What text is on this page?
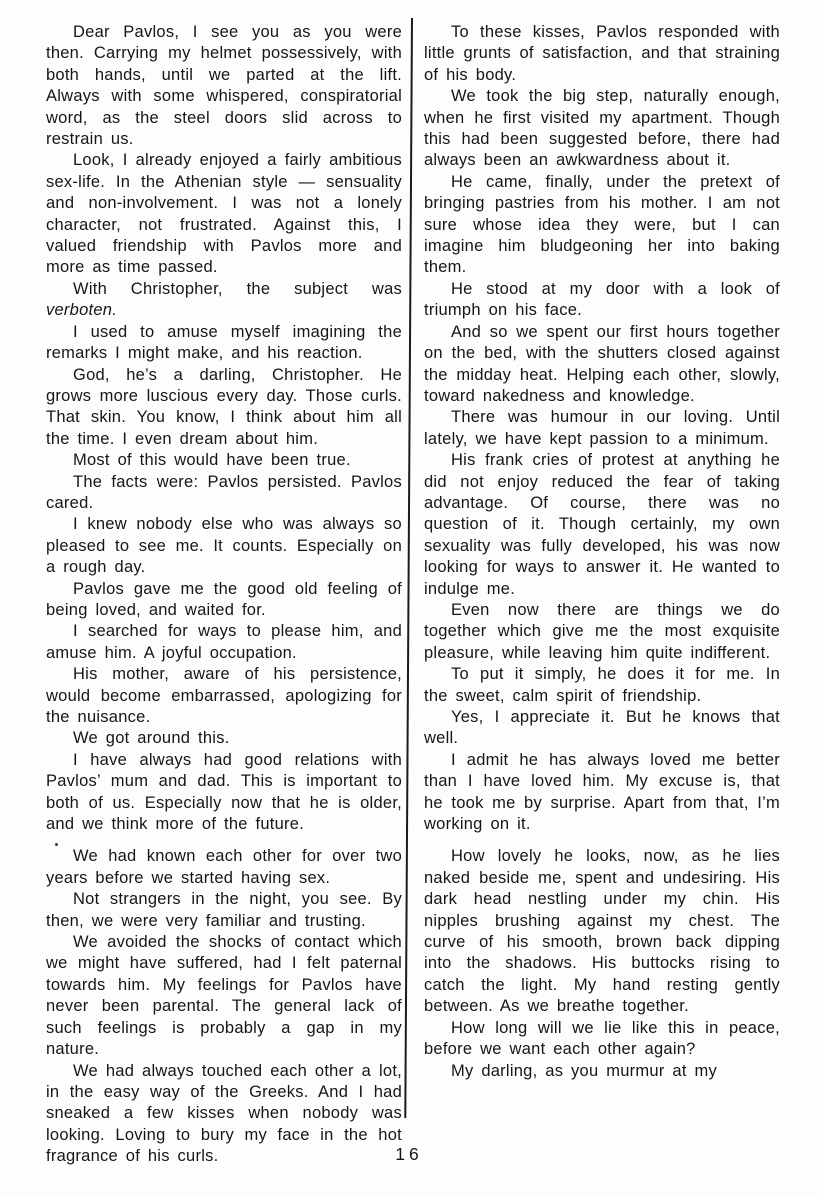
Dear Pavlos, I see you as you were then. Carrying my helmet possessively, with both hands, until we parted at the lift. Always with some whispered, conspiratorial word, as the steel doors slid across to restrain us.

Look, I already enjoyed a fairly ambitious sex-life. In the Athenian style — sensuality and non-involvement. I was not a lonely character, not frustrated. Against this, I valued friendship with Pavlos more and more as time passed.

With Christopher, the subject was verboten.

I used to amuse myself imagining the remarks I might make, and his reaction.

God, he’s a darling, Christopher. He grows more luscious every day. Those curls. That skin. You know, I think about him all the time. I even dream about him.

Most of this would have been true.

The facts were: Pavlos persisted. Pavlos cared.

I knew nobody else who was always so pleased to see me. It counts. Especially on a rough day.

Pavlos gave me the good old feeling of being loved, and waited for.

I searched for ways to please him, and amuse him. A joyful occupation.

His mother, aware of his persistence, would become embarrassed, apologizing for the nuisance.

We got around this.

I have always had good relations with Pavlos’ mum and dad. This is important to both of us. Especially now that he is older, and we think more of the future.

We had known each other for over two years before we started having sex.

Not strangers in the night, you see. By then, we were very familiar and trusting.

We avoided the shocks of contact which we might have suffered, had I felt paternal towards him. My feelings for Pavlos have never been parental. The general lack of such feelings is probably a gap in my nature.

We had always touched each other a lot, in the easy way of the Greeks. And I had sneaked a few kisses when nobody was looking. Loving to bury my face in the hot fragrance of his curls.

To these kisses, Pavlos responded with little grunts of satisfaction, and that straining of his body.

We took the big step, naturally enough, when he first visited my apartment. Though this had been suggested before, there had always been an awkwardness about it.

He came, finally, under the pretext of bringing pastries from his mother. I am not sure whose idea they were, but I can imagine him bludgeoning her into baking them.

He stood at my door with a look of triumph on his face.

And so we spent our first hours together on the bed, with the shutters closed against the midday heat. Helping each other, slowly, toward nakedness and knowledge.

There was humour in our loving. Until lately, we have kept passion to a minimum.

His frank cries of protest at anything he did not enjoy reduced the fear of taking advantage. Of course, there was no question of it. Though certainly, my own sexuality was fully developed, his was now looking for ways to answer it. He wanted to indulge me.

Even now there are things we do together which give me the most exquisite pleasure, while leaving him quite indifferent.

To put it simply, he does it for me. In the sweet, calm spirit of friendship.

Yes, I appreciate it. But he knows that well.

I admit he has always loved me better than I have loved him. My excuse is, that he took me by surprise. Apart from that, I’m working on it.

How lovely he looks, now, as he lies naked beside me, spent and undesiring. His dark head nestling under my chin. His nipples brushing against my chest. The curve of his smooth, brown back dipping into the shadows. His buttocks rising to catch the light. My hand resting gently between. As we breathe together.

How long will we lie like this in peace, before we want each other again?

My darling, as you murmur at my

16
